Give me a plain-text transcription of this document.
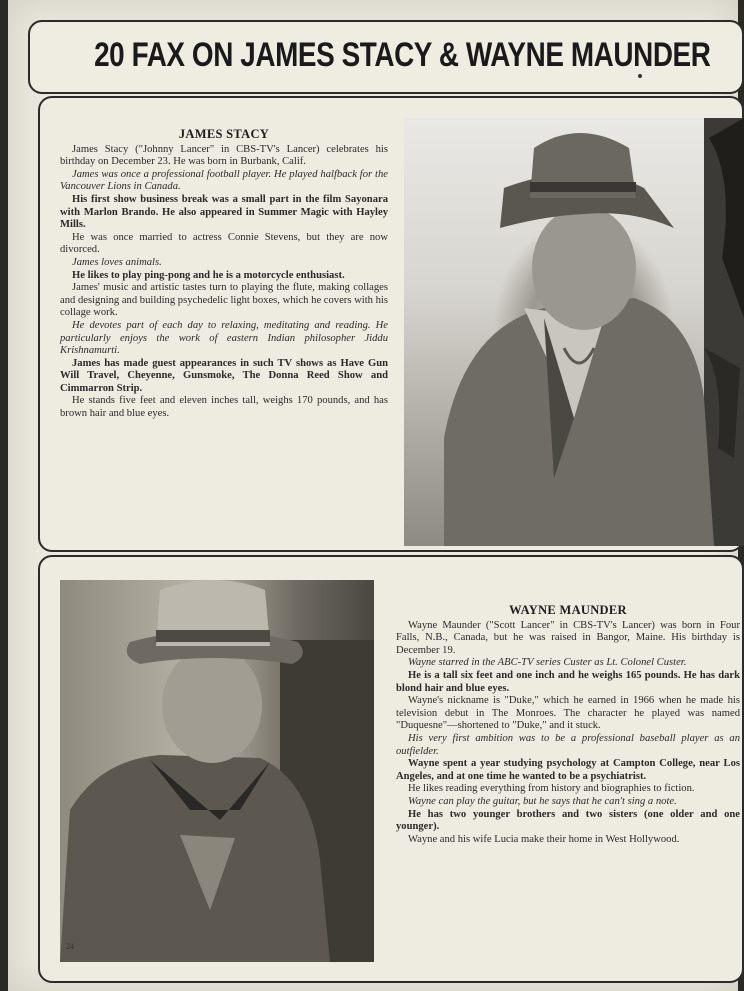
20 FAX ON JAMES STACY & WAYNE MAUNDER
JAMES STACY

James Stacy ("Johnny Lancer" in CBS-TV's Lancer) celebrates his birthday on December 23. He was born in Burbank, Calif.

James was once a professional football player. He played halfback for the Vancouver Lions in Canada.

His first show business break was a small part in the film Sayonara with Marlon Brando. He also appeared in Summer Magic with Hayley Mills.

He was once married to actress Connie Stevens, but they are now divorced.

James loves animals.

He likes to play ping-pong and he is a motorcycle enthusiast.

James' music and artistic tastes turn to playing the flute, making collages and designing and building psychedelic light boxes, which he covers with his collage work.

He devotes part of each day to relaxing, meditating and reading. He particularly enjoys the work of eastern Indian philosopher Jiddu Krishnamurti.

James has made guest appearances in such TV shows as Have Gun Will Travel, Cheyenne, Gunsmoke, The Donna Reed Show and Cimmarron Strip.

He stands five feet and eleven inches tall, weighs 170 pounds, and has brown hair and blue eyes.

WAYNE MAUNDER

Wayne Maunder ("Scott Lancer" in CBS-TV's Lancer) was born in Four Falls, N.B., Canada, but he was raised in Bangor, Maine. His birthday is December 19.

Wayne starred in the ABC-TV series Custer as Lt. Colonel Custer.

He is a tall six feet and one inch and he weighs 165 pounds. He has dark blond hair and blue eyes.

Wayne's nickname is "Duke," which he earned in 1966 when he made his television debut in The Monroes. The character he played was named "Duquesne"—shortened to "Duke," and it stuck.

His very first ambition was to be a professional baseball player as an outfielder.

Wayne spent a year studying psychology at Campton College, near Los Angeles, and at one time he wanted to be a psychiatrist.

He likes reading everything from history and biographies to fiction.

Wayne can play the guitar, but he says that he can't sing a note.

He has two younger brothers and two sisters (one older and one younger).

Wayne and his wife Lucia make their home in West Hollywood.

24
